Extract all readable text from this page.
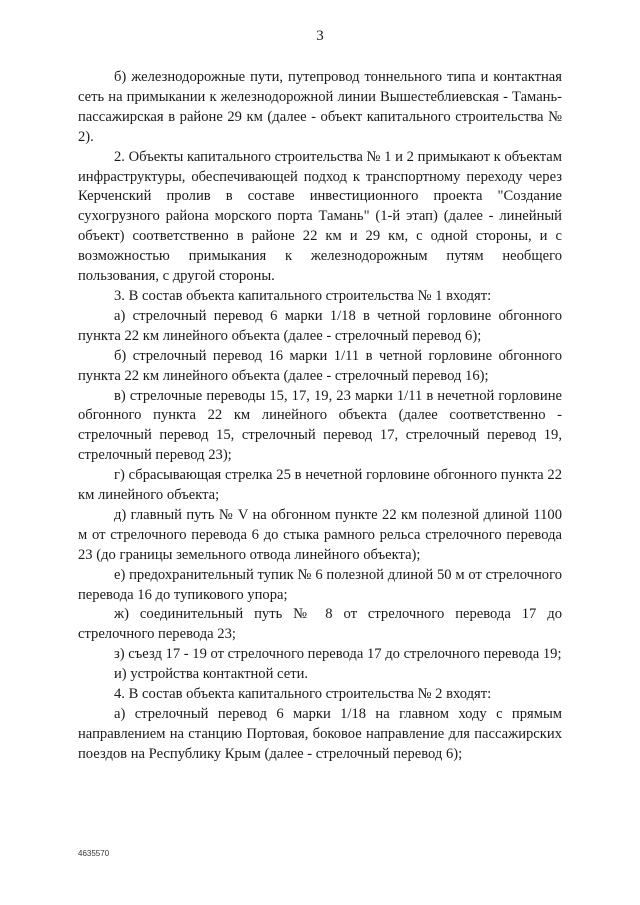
3

б) железнодорожные пути, путепровод тоннельного типа и контактная сеть на примыкании к железнодорожной линии Вышестеблиевская - Тамань-пассажирская в районе 29 км (далее - объект капитального строительства № 2).

2. Объекты капитального строительства № 1 и 2 примыкают к объектам инфраструктуры, обеспечивающей подход к транспортному переходу через Керченский пролив в составе инвестиционного проекта "Создание сухогрузного района морского порта Тамань" (1-й этап) (далее - линейный объект) соответственно в районе 22 км и 29 км, с одной стороны, и с возможностью примыкания к железнодорожным путям необщего пользования, с другой стороны.

3. В состав объекта капитального строительства № 1 входят:

а) стрелочный перевод 6 марки 1/18 в четной горловине обгонного пункта 22 км линейного объекта (далее - стрелочный перевод 6);

б) стрелочный перевод 16 марки 1/11 в четной горловине обгонного пункта 22 км линейного объекта (далее - стрелочный перевод 16);

в) стрелочные переводы 15, 17, 19, 23 марки 1/11 в нечетной горловине обгонного пункта 22 км линейного объекта (далее соответственно - стрелочный перевод 15, стрелочный перевод 17, стрелочный перевод 19, стрелочный перевод 23);

г) сбрасывающая стрелка 25 в нечетной горловине обгонного пункта 22 км линейного объекта;

д) главный путь № V на обгонном пункте 22 км полезной длиной 1100 м от стрелочного перевода 6 до стыка рамного рельса стрелочного перевода 23 (до границы земельного отвода линейного объекта);

е) предохранительный тупик № 6 полезной длиной 50 м от стрелочного перевода 16 до тупикового упора;

ж) соединительный путь № 8 от стрелочного перевода 17 до стрелочного перевода 23;

з) съезд 17 - 19 от стрелочного перевода 17 до стрелочного перевода 19;

и) устройства контактной сети.

4. В состав объекта капитального строительства № 2 входят:

а) стрелочный перевод 6 марки 1/18 на главном ходу с прямым направлением на станцию Портовая, боковое направление для пассажирских поездов на Республику Крым (далее - стрелочный перевод 6);

4635570
